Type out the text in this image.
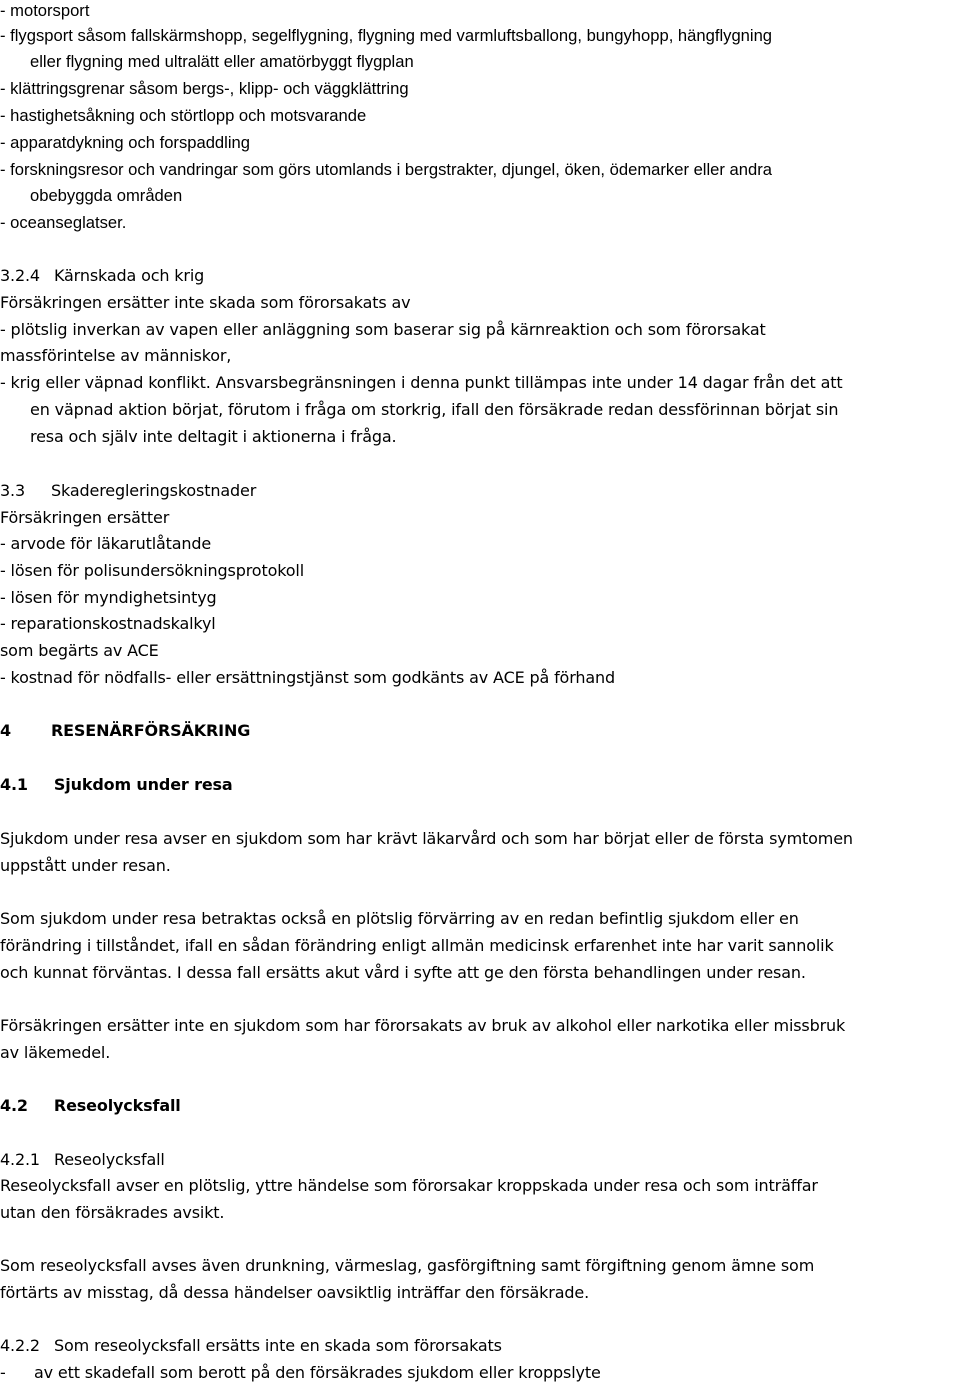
- motorsport
- flygsport såsom fallskärmshopp, segelflygning, flygning med varmluftsballong, bungyhopp, hängflygning
eller flygning med ultralätt eller amatörbyggt flygplan
- klättringsgrenar såsom bergs-, klipp- och väggklättring
- hastighetsåkning och störtlopp och motsvarande
- apparatdykning och forspaddling
- forskningsresor och vandringar som görs utomlands i bergstrakter, djungel, öken, ödemarker eller andra
obebyggda områden
- oceanseglatser.
3.2.4 Kärnskada och krig
Försäkringen ersätter inte skada som förorsakats av
- plötslig inverkan av vapen eller anläggning som baserar sig på kärnreaktion och som förorsakat
massförintelse av människor,
- krig eller väpnad konflikt. Ansvarsbegränsningen i denna punkt tillämpas inte under 14 dagar från det att
en väpnad aktion börjat, förutom i fråga om storkrig, ifall den försäkrade redan dessförinnan börjat sin
resa och själv inte deltagit i aktionerna i fråga.
3.3 Skaderegleringskostnader
Försäkringen ersätter
- arvode för läkarutlåtande
- lösen för polisundersökningsprotokoll
- lösen för myndighetsintyg
- reparationskostnadskalkyl
som begärts av ACE
- kostnad för nödfalls- eller ersättningstjänst som godkänts av ACE på förhand
4	RESENÄRFÖRSÄKRING
4.1 Sjukdom under resa
Sjukdom under resa avser en sjukdom som har krävt läkarvård och som har börjat eller de första symtomen
uppstått under resan.
Som sjukdom under resa betraktas också en plötslig förvärring av en redan befintlig sjukdom eller en
förändring i tillståndet, ifall en sådan förändring enligt allmän medicinsk erfarenhet inte har varit sannolik
och kunnat förväntas. I dessa fall ersätts akut vård i syfte att ge den första behandlingen under resan.
Försäkringen ersätter inte en sjukdom som har förorsakats av bruk av alkohol eller narkotika eller missbruk
av läkemedel.
4.2 Reseolycksfall
4.2.1 Reseolycksfall
Reseolycksfall avser en plötslig, yttre händelse som förorsakar kroppskada under resa och som inträffar
utan den försäkrades avsikt.
Som reseolycksfall avses även drunkning, värmeslag, gasförgiftning samt förgiftning genom ämne som
förtärts av misstag, då dessa händelser oavsiktlig inträffar den försäkrade.
4.2.2 Som reseolycksfall ersätts inte en skada som förorsakats
- av ett skadefall som berott på den försäkrades sjukdom eller kroppslyte
